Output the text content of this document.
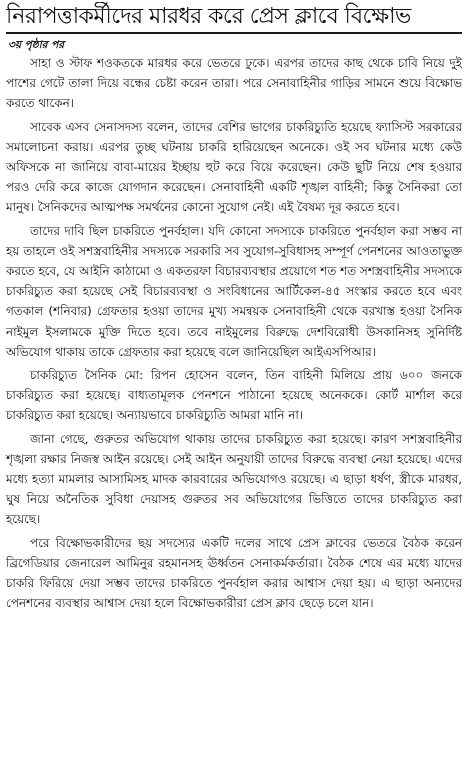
নিরাপত্তাকর্মীদের মারধর করে প্রেস ক্লাবে বিক্ষোভ
৩য় পৃষ্ঠার পর

সাহা ও স্টাফ শওকতকে মারধর করে ভেতরে ঢুকে। এরপর তাদের কাছ থেকে চাবি নিয়ে দুই পাশের গেটে তালা দিয়ে বন্ধের চেষ্টা করেন তারা। পরে সেনাবাহিনীর গাড়ির সামনে শুয়ে বিক্ষোভ করতে থাকেন।

সাবেক এসব সেনাসদস্য বলেন, তাদের বেশির ভাগের চাকরিচ্যুতি হয়েছে ফ্যাসিস্ট সরকারের সমালোচনা করায়। এরপর তুচ্ছ ঘটনায় চাকরি হারিয়েছেন অনেকে। ওই সব ঘটনার মধ্যে কেউ অফিসকে না জানিয়ে বাবা-মায়ের ইচ্ছায় হুট করে বিয়ে করেছেন। কেউ ছুটি নিয়ে শেষ হওয়ার পরও দেরি করে কাজে যোগদান করেছেন। সেনাবাহিনী একটি শৃঙ্খল বাহিনী; কিন্তু সৈনিকরা তো মানুষ। সৈনিকদের আত্মপক্ষ সমর্থনের কোনো সুযোগ নেই। এই বৈষম্য দূর করতে হবে।

তাদের দাবি ছিল চাকরিতে পুনর্বহাল। যদি কোনো সদস্যকে চাকরিতে পুনর্বহাল করা সম্ভব না হয় তাহলে ওই সশস্ত্রবাহিনীর সদস্যকে সরকারি সব সুযোগ-সুবিধাসহ সম্পূর্ণ পেনশনের আওতাভুক্ত করতে হবে, যে আইনি কাঠামো ও একতরফা বিচারব্যবস্থার প্রয়োগে শত শত সশস্ত্রবাহিনীর সদস্যকে চাকরিচ্যুত করা হয়েছে সেই বিচারব্যবস্থা ও সংবিধানের আর্টিকেল-৪৫ সংস্কার করতে হবে এবং গতকাল (শনিবার) গ্রেফতার হওয়া তাদের মুখ্য সমন্বয়ক সেনাবাহিনী থেকে বরখাস্ত হওয়া সৈনিক নাইমুল ইসলামকে মুক্তি দিতে হবে। তবে নাইমুলের বিরুদ্ধে দেশবিরোধী উসকানিসহ সুনির্দিষ্ট অভিযোগ থাকায় তাকে গ্রেফতার করা হয়েছে বলে জানিয়েছিল আইএসপিআর।

চাকরিচ্যুত সৈনিক মো: রিপন হোসেন বলেন, তিন বাহিনী মিলিয়ে প্রায় ৬০০ জনকে চাকরিচ্যুত করা হয়েছে। বাধ্যতামূলক পেনশনে পাঠানো হয়েছে অনেককে। কোর্ট মার্শাল করে চাকরিচ্যুত করা হয়েছে। অন্যায়ভাবে চাকরিচ্যুতি আমরা মানি না।

জানা গেছে, গুরুতর অভিযোগ থাকায় তাদের চাকরিচ্যুত করা হয়েছে। কারণ সশস্ত্রবাহিনীর শৃঙ্খলা রক্ষার নিজস্ব আইন রয়েছে। সেই আইন অনুযায়ী তাদের বিরুদ্ধে ব্যবস্থা নেয়া হয়েছে। এদের মধ্যে হত্যা মামলার আসামিসহ মাদক কারবারের অভিযোগও রয়েছে। এ ছাড়া ধর্ষণ, স্ত্রীকে মারধর, ঘুষ নিয়ে অনৈতিক সুবিধা দেয়াসহ গুরুতর সব অভিযোগের ভিত্তিতে তাদের চাকরিচ্যুত করা হয়েছে।

পরে বিক্ষোভকারীদের ছয় সদস্যের একটি দলের সাথে প্রেস ক্লাবের ভেতরে বৈঠক করেন ব্রিগেডিয়ার জেনারেল আমিনুর রহমানসহ ঊর্ধ্বতন সেনাকর্মকর্তারা। বৈঠক শেষে এর মধ্যে যাদের চাকরি ফিরিয়ে দেয়া সম্ভব তাদের চাকরিতে পুনর্বহাল করার আশ্বাস দেয়া হয়। এ ছাড়া অন্যদের পেনশনের ব্যবস্থার আশ্বাস দেয়া হলে বিক্ষোভকারীরা প্রেস ক্লাব ছেড়ে চলে যান।
